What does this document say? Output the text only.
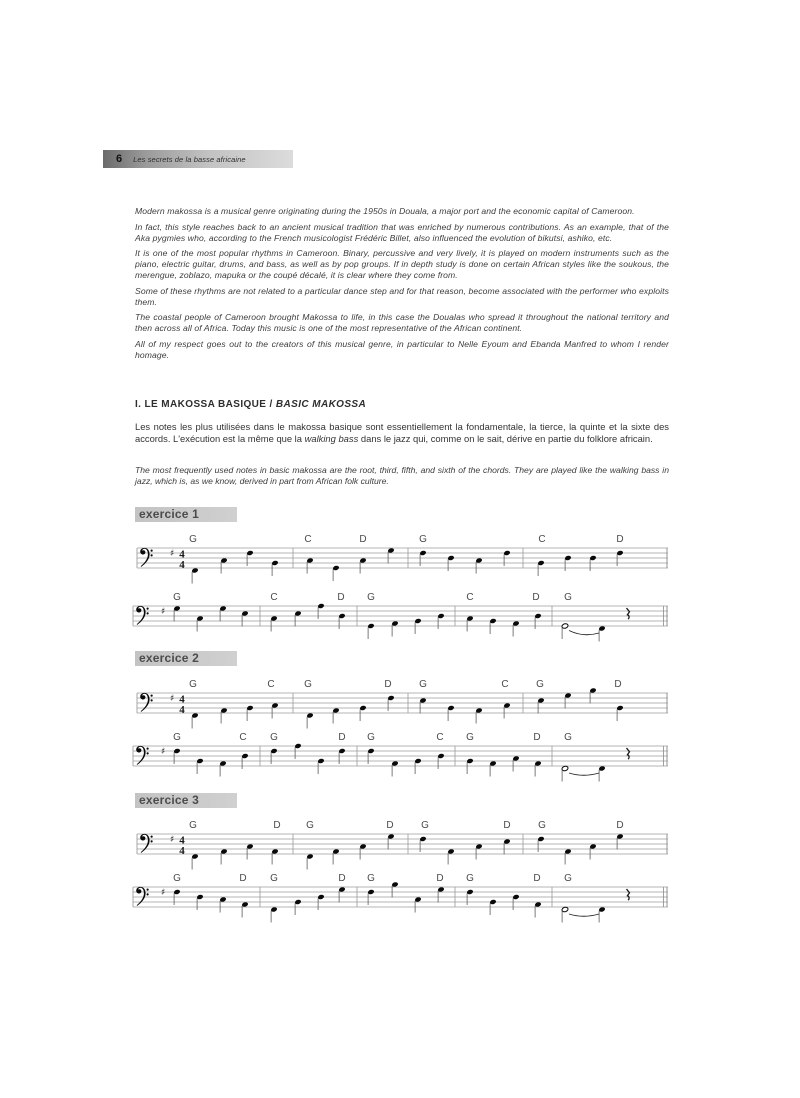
6 Les secrets de la basse africaine

Modern makossa is a musical genre originating during the 1950s in Douala, a major port and the economic capital of Cameroon.

In fact, this style reaches back to an ancient musical tradition that was enriched by numerous contributions. As an example, that of the Aka pygmies who, according to the French musicologist Frédéric Billet, also influenced the evolution of bikutsi, ashiko, etc.

It is one of the most popular rhythms in Cameroon. Binary, percussive and very lively, it is played on modern instruments such as the piano, electric guitar, drums, and bass, as well as by pop groups. If in depth study is done on certain African styles like the soukous, the merengue, zoblazo, mapuka or the coupé décalé, it is clear where they come from.

Some of these rhythms are not related to a particular dance step and for that reason, become associated with the performer who exploits them.

The coastal people of Cameroon brought Makossa to life, in this case the Doualas who spread it throughout the national territory and then across all of Africa. Today this music is one of the most representative of the African continent.

All of my respect goes out to the creators of this musical genre, in particular to Nelle Eyoum and Ebanda Manfred to whom I render homage.

I. LE MAKOSSA BASIQUE / BASIC MAKOSSA
Les notes les plus utilisées dans le makossa basique sont essentiellement la fondamentale, la tierce, la quinte et la sixte des accords. L'exécution est la même que la walking bass dans le jazz qui, comme on le sait, dérive en partie du folklore africain.
The most frequently used notes in basic makossa are the root, third, fifth, and sixth of the chords. They are played like the walking bass in jazz, which is, as we know, derived in part from African folk culture.
exercice 1
♯ 4
4
G	C	D	G	C	D
♯
G	C	D G	C	D G
exercice 2
♯ 4
4
G	C	G	D	G	C	G	D
♯
G	C G	D G	C G	D G
exercice 3
♯ 4
4
G	D	G	D	G	D	G	D
♯
G	D G	D G	D G	D G
